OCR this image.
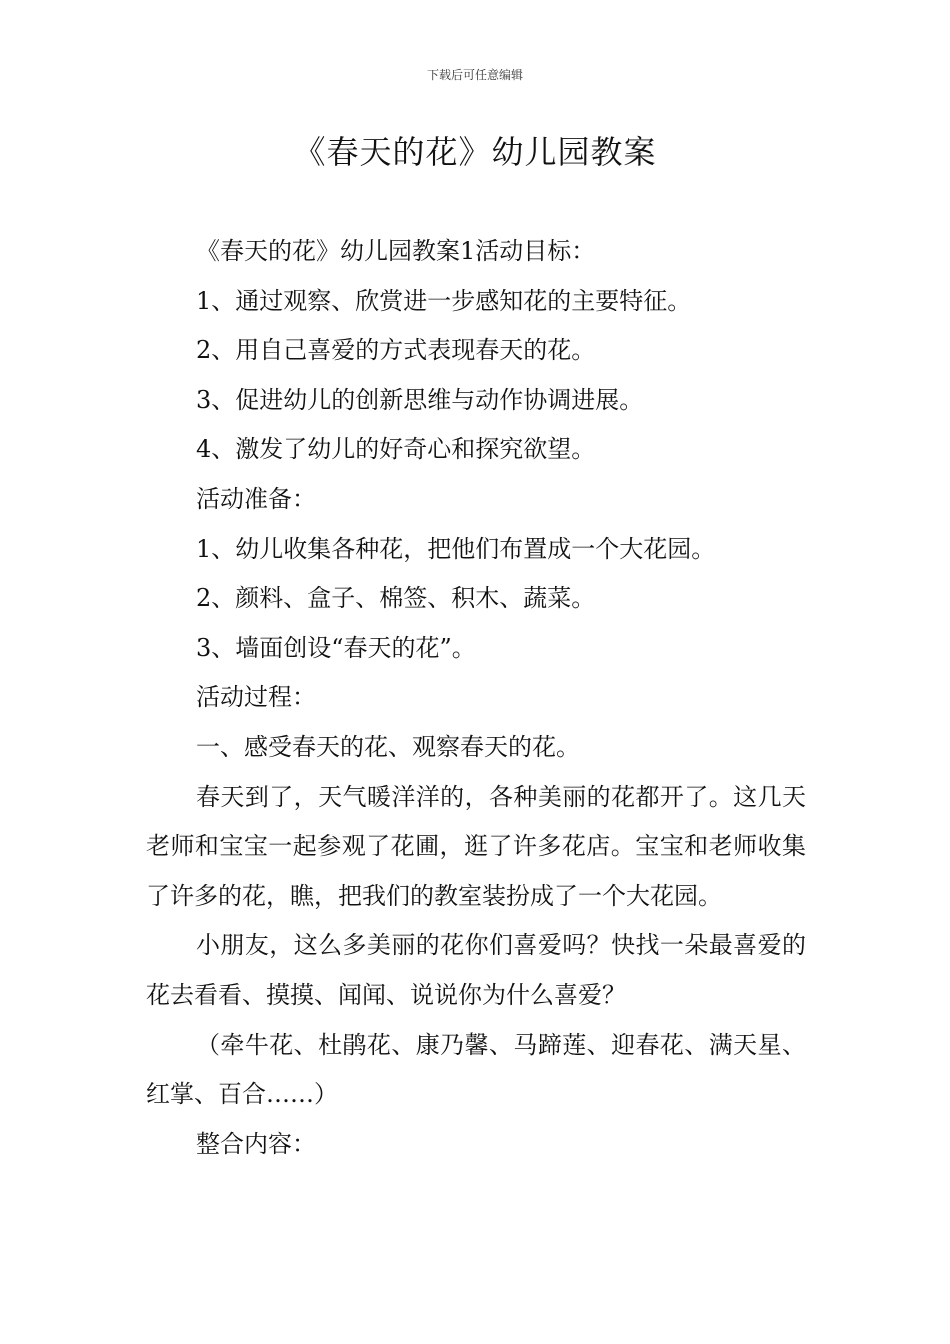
下载后可任意编辑
《春天的花》幼儿园教案

《春天的花》幼儿园教案1活动目标：

1、通过观察、欣赏进一步感知花的主要特征。

2、用自己喜爱的方式表现春天的花。

3、促进幼儿的创新思维与动作协调进展。

4、激发了幼儿的好奇心和探究欲望。

活动准备：

1、幼儿收集各种花，把他们布置成一个大花园。

2、颜料、盒子、棉签、积木、蔬菜。

3、墙面创设“春天的花”。

活动过程：

一、感受春天的花、观察春天的花。

春天到了，天气暖洋洋的，各种美丽的花都开了。这几天老师和宝宝一起参观了花圃，逛了许多花店。宝宝和老师收集了许多的花，瞧，把我们的教室装扮成了一个大花园。

小朋友，这么多美丽的花你们喜爱吗？快找一朵最喜爱的花去看看、摸摸、闻闻、说说你为什么喜爱？

（牵牛花、杜鹃花、康乃馨、马蹄莲、迎春花、满天星、红掌、百合……）

整合内容：
